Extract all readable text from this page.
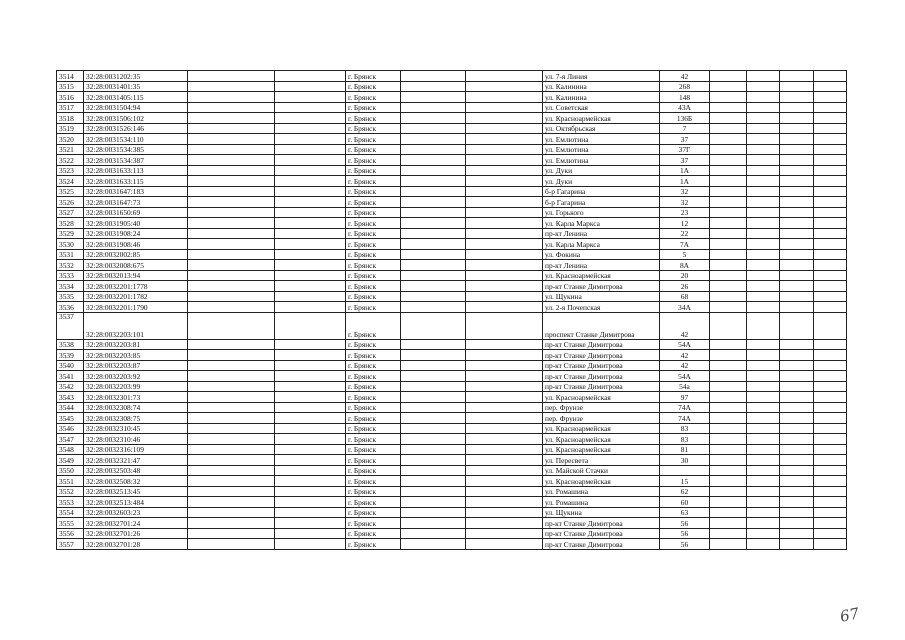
3514	32:28:0031202:35			г. Брянск			ул. 7-я Линия	42				
3515	32:28:0031401:35			г. Брянск			ул. Калинина	268				
3516	32:28:0031405:115			г. Брянск			ул. Калинина	148				
3517	32:28:0031504:94			г. Брянск			ул. Советская	43А				
3518	32:28:0031506:102			г. Брянск			ул. Красноармейская	136Б				
3519	32:28:0031526:146			г. Брянск			ул. Октябрьская	7				
3520	32:28:0031534:110			г. Брянск			ул. Емлютина	37				
3521	32:28:0031534:385			г. Брянск			ул. Емлютина	37Г				
3522	32:28:0031534:387			г. Брянск			ул. Емлютина	37				
3523	32:28:0031633:113			г. Брянск			ул. Дуки	1А				
3524	32:28:0031633:115			г. Брянск			ул. Дуки	1А				
3525	32:28:0031647:183			г. Брянск			б-р Гагарина	32				
3526	32:28:0031647:73			г. Брянск			б-р Гагарина	32				
3527	32:28:0031650:69			г. Брянск			ул. Горького	23				
3528	32:28:0031905:40			г. Брянск			ул. Карла Маркса	12				
3529	32:28:0031908:24			г. Брянск			пр-кт Ленина	22				
3530	32:28:0031908:46			г. Брянск			ул. Карла Маркса	7А				
3531	32:28:0032002:85			г. Брянск			ул. Фокина	5				
3532	32:28:0032008:675			г. Брянск			пр-кт Ленина	8А				
3533	32:28:0032013:94			г. Брянск			ул. Красноармейская	20				
3534	32:28:0032201:1778			г. Брянск			пр-кт Станке Димитрова	26				
3535	32:28:0032201:1782			г. Брянск			ул. Щукина	68				
3536	32:28:0032201:1790			г. Брянск			ул. 2-я Почепская	34А				
3537	32:28:0032203:101			г. Брянск			проспект Станке Димитрова	42				
3538	32:28:0032203:81			г. Брянск			пр-кт Станке Димитрова	54А				
3539	32:28:0032203:85			г. Брянск			пр-кт Станке Димитрова	42				
3540	32:28:0032203:87			г. Брянск			пр-кт Станке Димитрова	42				
3541	32:28:0032203:92			г. Брянск			пр-кт Станке Димитрова	54А				
3542	32:28:0032203:99			г. Брянск			пр-кт Станке Димитрова	54а				
3543	32:28:0032301:73			г. Брянск			ул. Красноармейская	97				
3544	32:28:0032308:74			г. Брянск			пер. Фрунзе	74А				
3545	32:28:0032308:75			г. Брянск			пер. Фрунзе	74А				
3546	32:28:0032310:45			г. Брянск			ул. Красноармейская	83				
3547	32:28:0032310:46			г. Брянск			ул. Красноармейская	83				
3548	32:28:0032316:109			г. Брянск			ул. Красноармейская	81				
3549	32:28:0032321:47			г. Брянск			ул. Пересвета	30				
3550	32:28:0032503:48			г. Брянск			ул. Майской Стачки					
3551	32:28:0032508:32			г. Брянск			ул. Красноармейская	15				
3552	32:28:0032513:45			г. Брянск			ул. Ромашина	62				
3553	32:28:0032513:484			г. Брянск			ул. Ромашина	60				
3554	32:28:0032603:23			г. Брянск			ул. Щукина	63				
3555	32:28:0032701:24			г. Брянск			пр-кт Станке Димитрова	56				
3556	32:28:0032701:26			г. Брянск			пр-кт Станке Димитрова	56				
3557	32:28:0032701:28			г. Брянск			пр-кт Станке Димитрова	56				
67
